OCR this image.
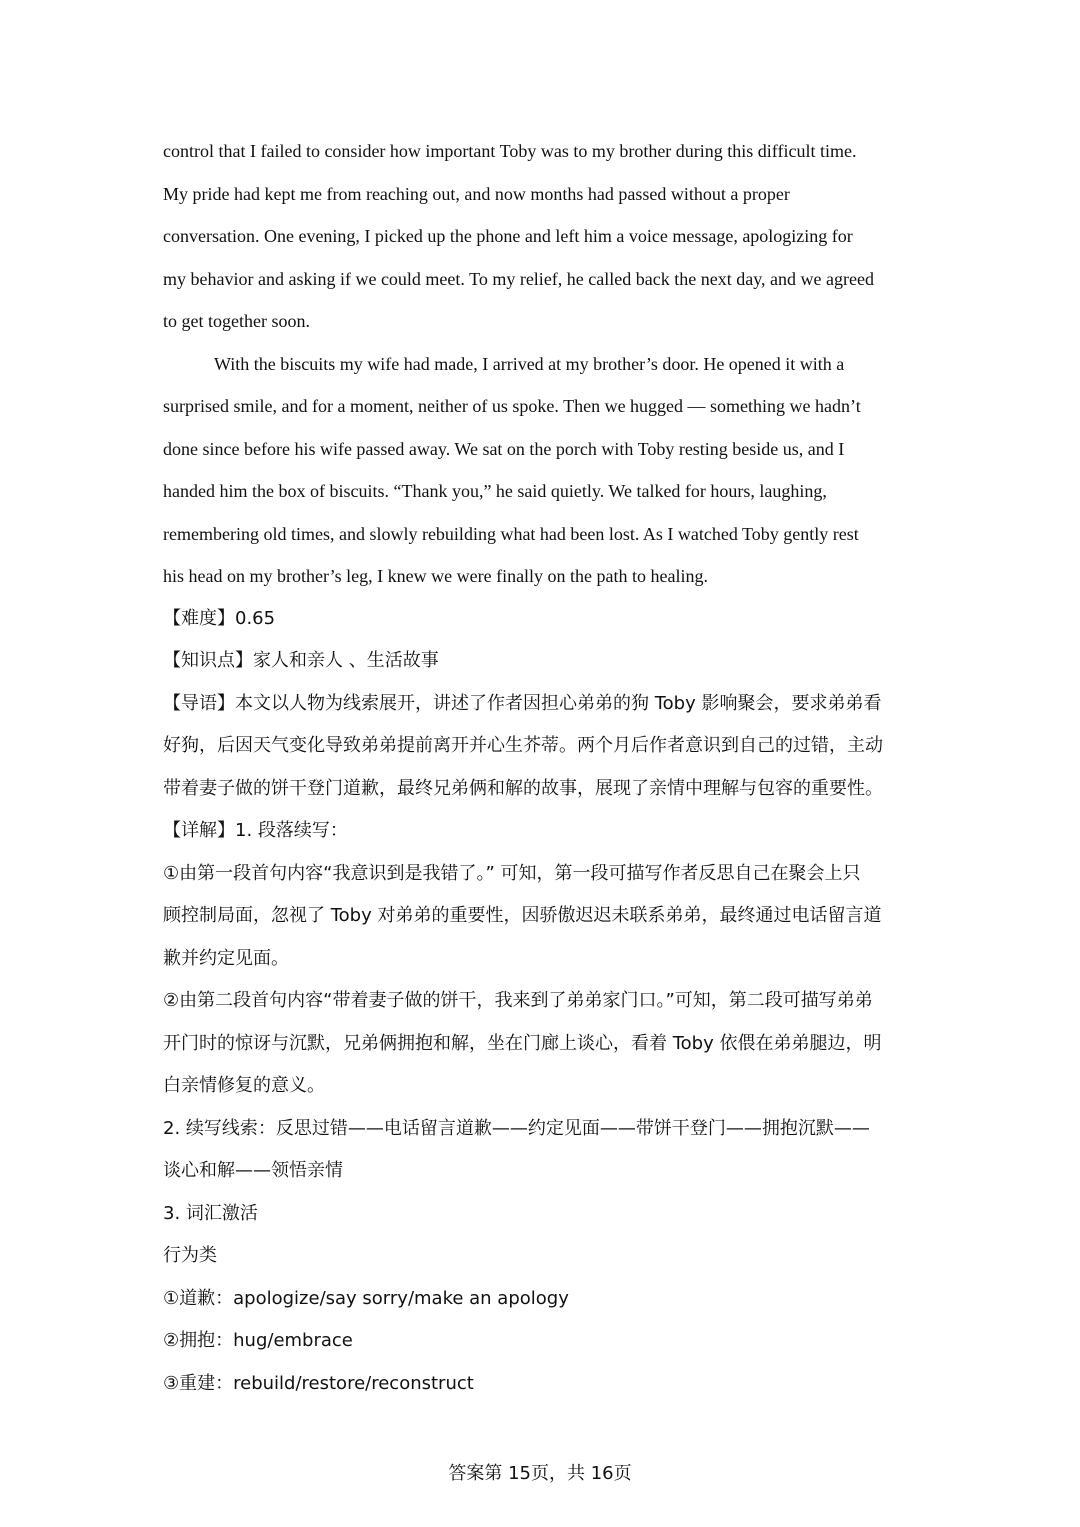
control that I failed to consider how important Toby was to my brother during this difficult time.
My pride had kept me from reaching out, and now months had passed without a proper
conversation. One evening, I picked up the phone and left him a voice message, apologizing for
my behavior and asking if we could meet. To my relief, he called back the next day, and we agreed
to get together soon.
With the biscuits my wife had made, I arrived at my brother’s door. He opened it with a
surprised smile, and for a moment, neither of us spoke. Then we hugged — something we hadn’t
done since before his wife passed away. We sat on the porch with Toby resting beside us, and I
handed him the box of biscuits. “Thank you,” he said quietly. We talked for hours, laughing,
remembering old times, and slowly rebuilding what had been lost. As I watched Toby gently rest
his head on my brother’s leg, I knew we were finally on the path to healing.
【难度】0.65
【知识点】家人和亲人 、生活故事
【导语】本文以人物为线索展开，讲述了作者因担心弟弟的狗 Toby 影响聚会，要求弟弟看
好狗，后因天气变化导致弟弟提前离开并心生芥蒂。两个月后作者意识到自己的过错，主动
带着妻子做的饼干登门道歉，最终兄弟俩和解的故事，展现了亲情中理解与包容的重要性。
【详解】1. 段落续写：
①由第一段首句内容“我意识到是我错了。” 可知，第一段可描写作者反思自己在聚会上只
顾控制局面，忽视了 Toby 对弟弟的重要性，因骄傲迟迟未联系弟弟，最终通过电话留言道
歉并约定见面。
②由第二段首句内容“带着妻子做的饼干，我来到了弟弟家门口。”可知，第二段可描写弟弟
开门时的惊讶与沉默，兄弟俩拥抱和解，坐在门廊上谈心，看着 Toby 依偎在弟弟腿边，明
白亲情修复的意义。
2. 续写线索：反思过错——电话留言道歉——约定见面——带饼干登门——拥抱沉默——
谈心和解——领悟亲情
3. 词汇激活
行为类
①道歉：apologize/say sorry/make an apology
②拥抱：hug/embrace
③重建：rebuild/restore/reconstruct
答案第 15页，共 16页
